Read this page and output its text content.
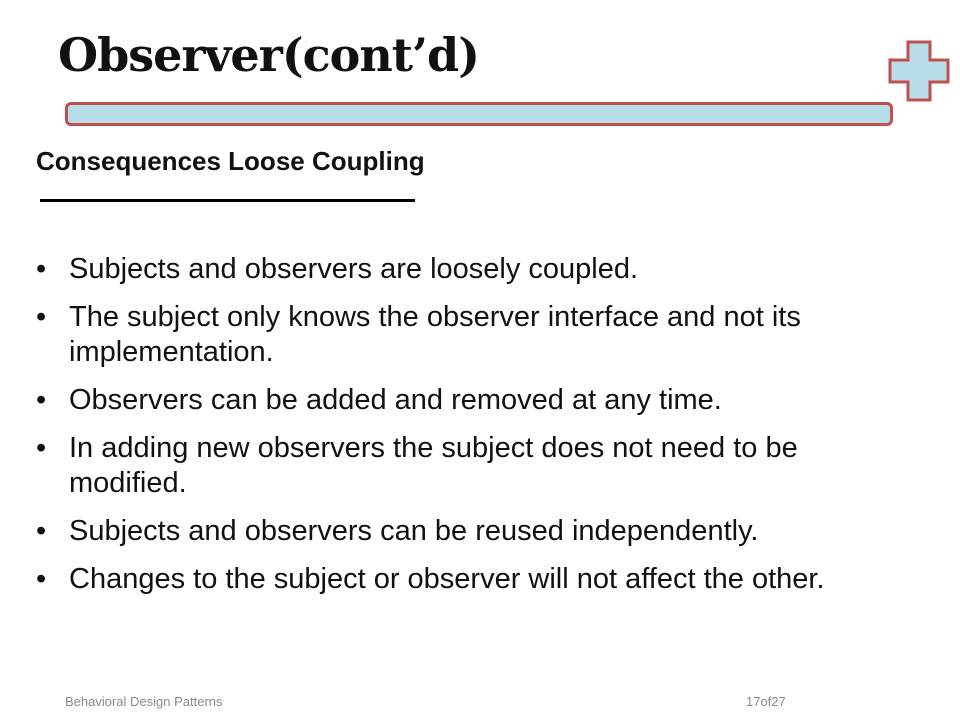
Observer(cont’d)
Consequences Loose Coupling
• Subjects and observers are loosely coupled.
• The subject only knows the observer interface and not its implementation.
• Observers can be added and removed at any time.
• In adding new observers the subject does not need to be modified.
• Subjects and observers can be reused independently.
• Changes to the subject or observer will not affect the other.
Behavioral Design Patterns	17of27
